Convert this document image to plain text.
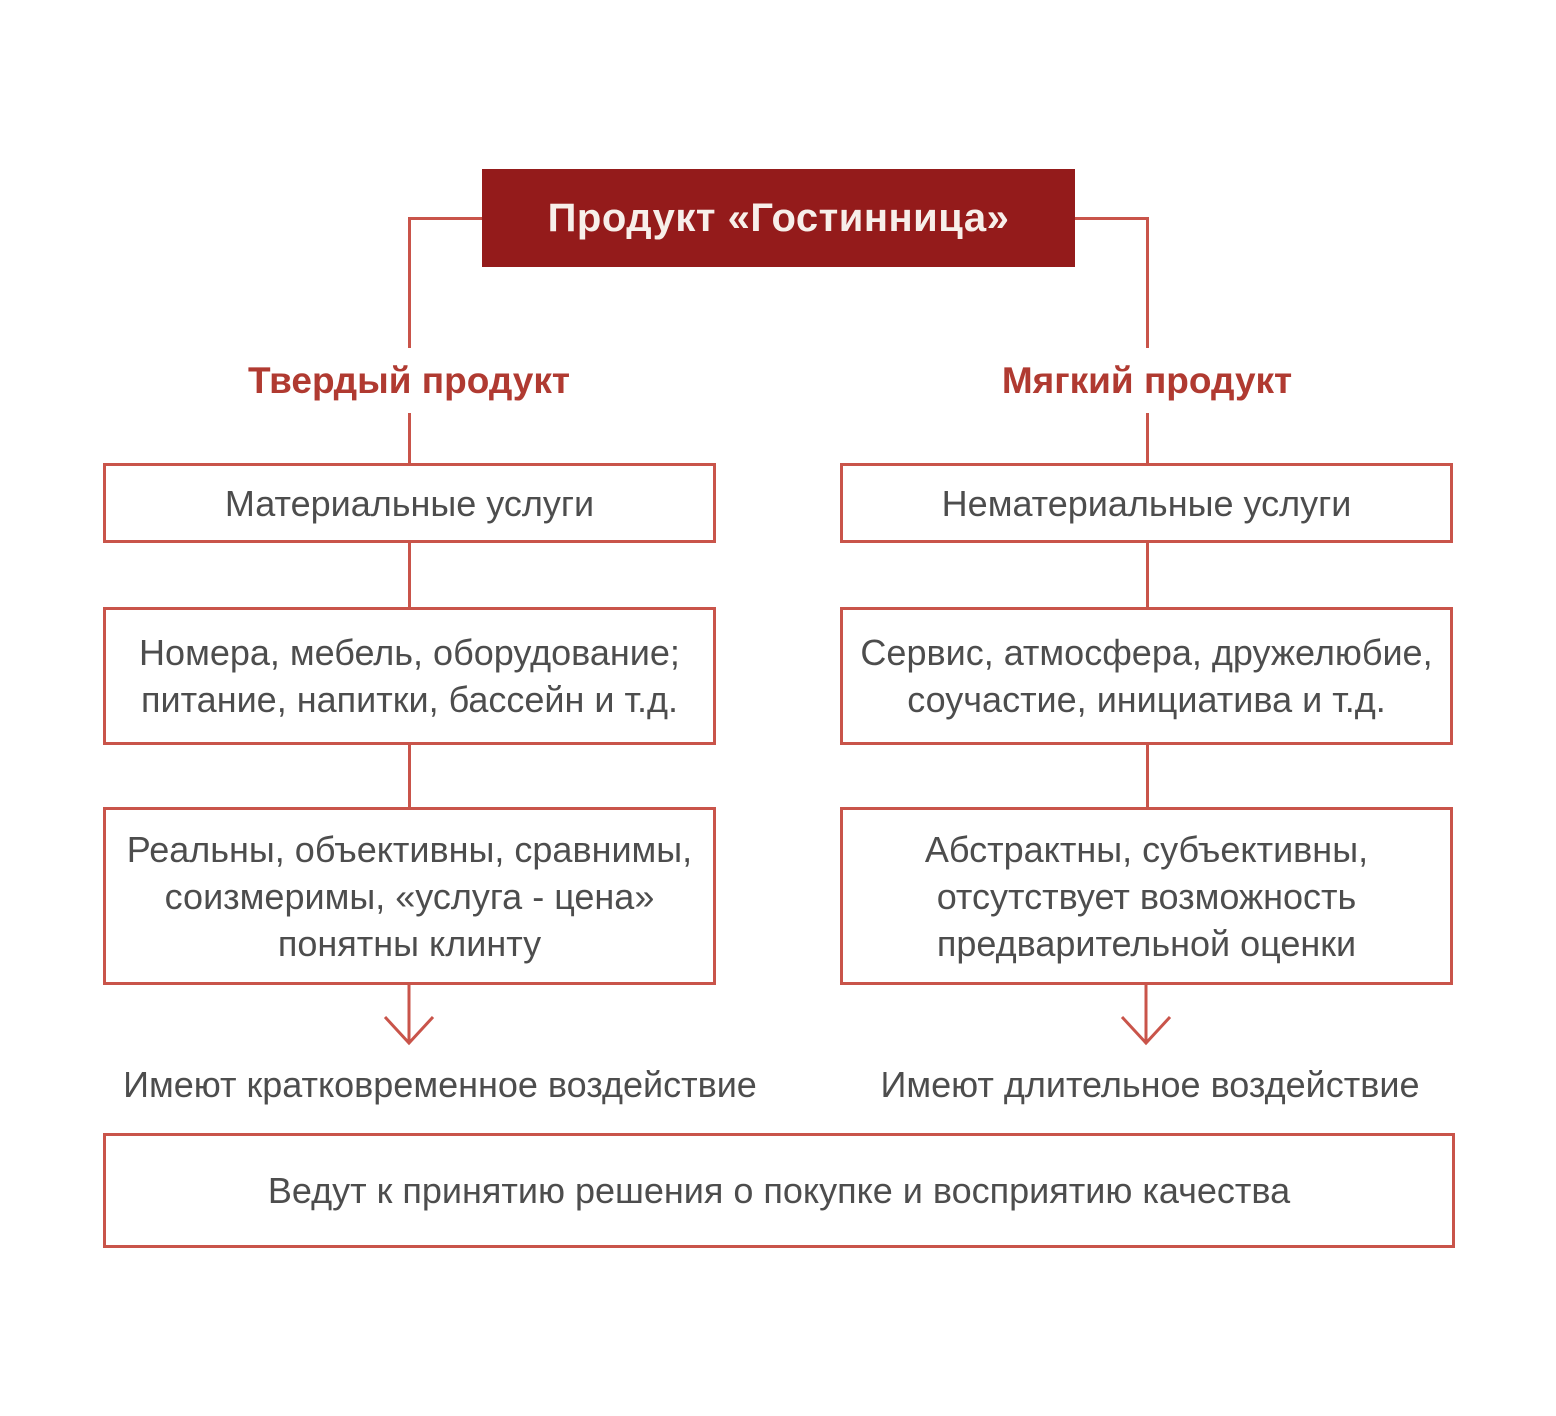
Продукт «Гостинница»
Твердый продукт	Мягкий продукт
Материальные услуги	Нематериальные услуги
Номера, мебель, оборудование;
питание, напитки, бассейн и т.д.
Сервис, атмосфера, дружелюбие,
соучастие, инициатива и т.д.
Реальны, объективны, сравнимы,
соизмеримы, «услуга - цена»
понятны клинту
Абстрактны, субъективны,
отсутствует возможность
предварительной оценки
Имеют кратковременное воздействие	Имеют длительное воздействие
Ведут к принятию решения о покупке и восприятию качества
